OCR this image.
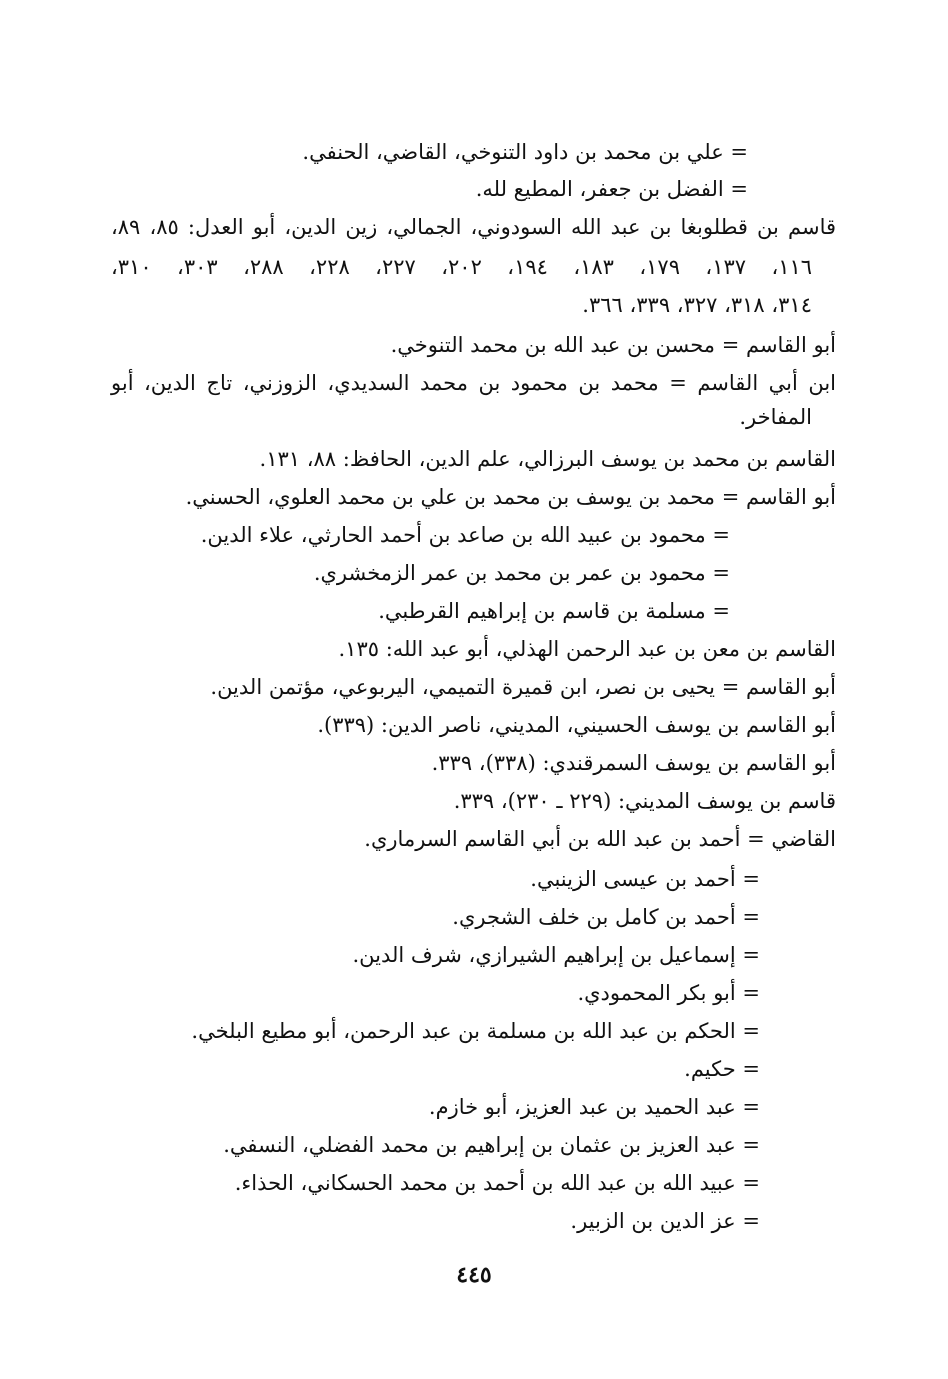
= علي بن محمد بن داود التنوخي، القاضي، الحنفي.
= الفضل بن جعفر، المطيع لله.
قاسم بن قطلوبغا بن عبد الله السودوني، الجمالي، زين الدين، أبو العدل: ٨٥، ٨٩،
١١٦، ١٣٧، ١٧٩، ١٨٣، ١٩٤، ٢٠٢، ٢٢٧، ٢٢٨، ٢٨٨، ٣٠٣، ٣١٠،
٣١٤، ٣١٨، ٣٢٧، ٣٣٩، ٣٦٦.
أبو القاسم = محسن بن عبد الله بن محمد التنوخي.
ابن أبي القاسم = محمد بن محمود بن محمد السديدي، الزوزني، تاج الدين، أبو
المفاخر.
القاسم بن محمد بن يوسف البرزالي، علم الدين، الحافظ: ٨٨، ١٣١.
أبو القاسم = محمد بن يوسف بن محمد بن علي بن محمد العلوي، الحسني.
= محمود بن عبيد الله بن صاعد بن أحمد الحارثي، علاء الدين.
= محمود بن عمر بن محمد بن عمر الزمخشري.
= مسلمة بن قاسم بن إبراهيم القرطبي.
القاسم بن معن بن عبد الرحمن الهذلي، أبو عبد الله: ١٣٥.
أبو القاسم = يحيى بن نصر، ابن قميرة التميمي، اليربوعي، مؤتمن الدين.
أبو القاسم بن يوسف الحسيني، المديني، ناصر الدين: (٣٣٩).
أبو القاسم بن يوسف السمرقندي: (٣٣٨)، ٣٣٩.
قاسم بن يوسف المديني: (٢٢٩ ـ ٢٣٠)، ٣٣٩.
القاضي = أحمد بن عبد الله بن أبي القاسم السرماري.
= أحمد بن عيسى الزينبي.
= أحمد بن كامل بن خلف الشجري.
= إسماعيل بن إبراهيم الشيرازي، شرف الدين.
= أبو بكر المحمودي.
= الحكم بن عبد الله بن مسلمة بن عبد الرحمن، أبو مطيع البلخي.
= حكيم.
= عبد الحميد بن عبد العزيز، أبو خازم.
= عبد العزيز بن عثمان بن إبراهيم بن محمد الفضلي، النسفي.
= عبيد الله بن عبد الله بن أحمد بن محمد الحسكاني، الحذاء.
= عز الدين بن الزبير.
٤٤٥
